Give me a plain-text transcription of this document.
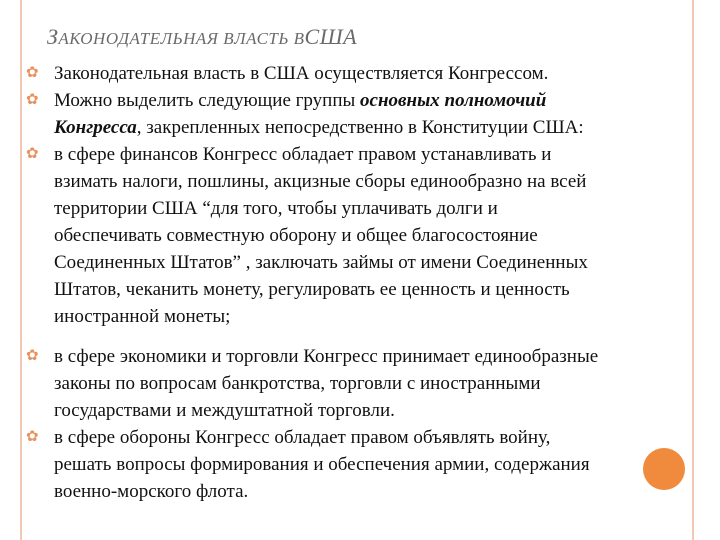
ЗАКОНОДАТЕЛЬНАЯ ВЛАСТЬ ВСША
✿ Законодательная власть в США осуществляется Конгрессом.
✿ Можно выделить следующие группы основных полномочий
Конгресса, закрепленных непосредственно в Конституции США:
✿ в сфере финансов Конгресс обладает правом устанавливать и
взимать налоги, пошлины, акцизные сборы единообразно на всей
территории США “для того, чтобы уплачивать долги и
обеспечивать совместную оборону и общее благосостояние
Соединенных Штатов” , заключать займы от имени Соединенных
Штатов, чеканить монету, регулировать ее ценность и ценность
иностранной монеты;
✿ в сфере экономики и торговли Конгресс принимает единообразные
законы по вопросам банкротства, торговли с иностранными
государствами и междуштатной торговли.
✿ в сфере обороны Конгресс обладает правом объявлять войну,
решать вопросы формирования и обеспечения армии, содержания
военно-морского флота.
